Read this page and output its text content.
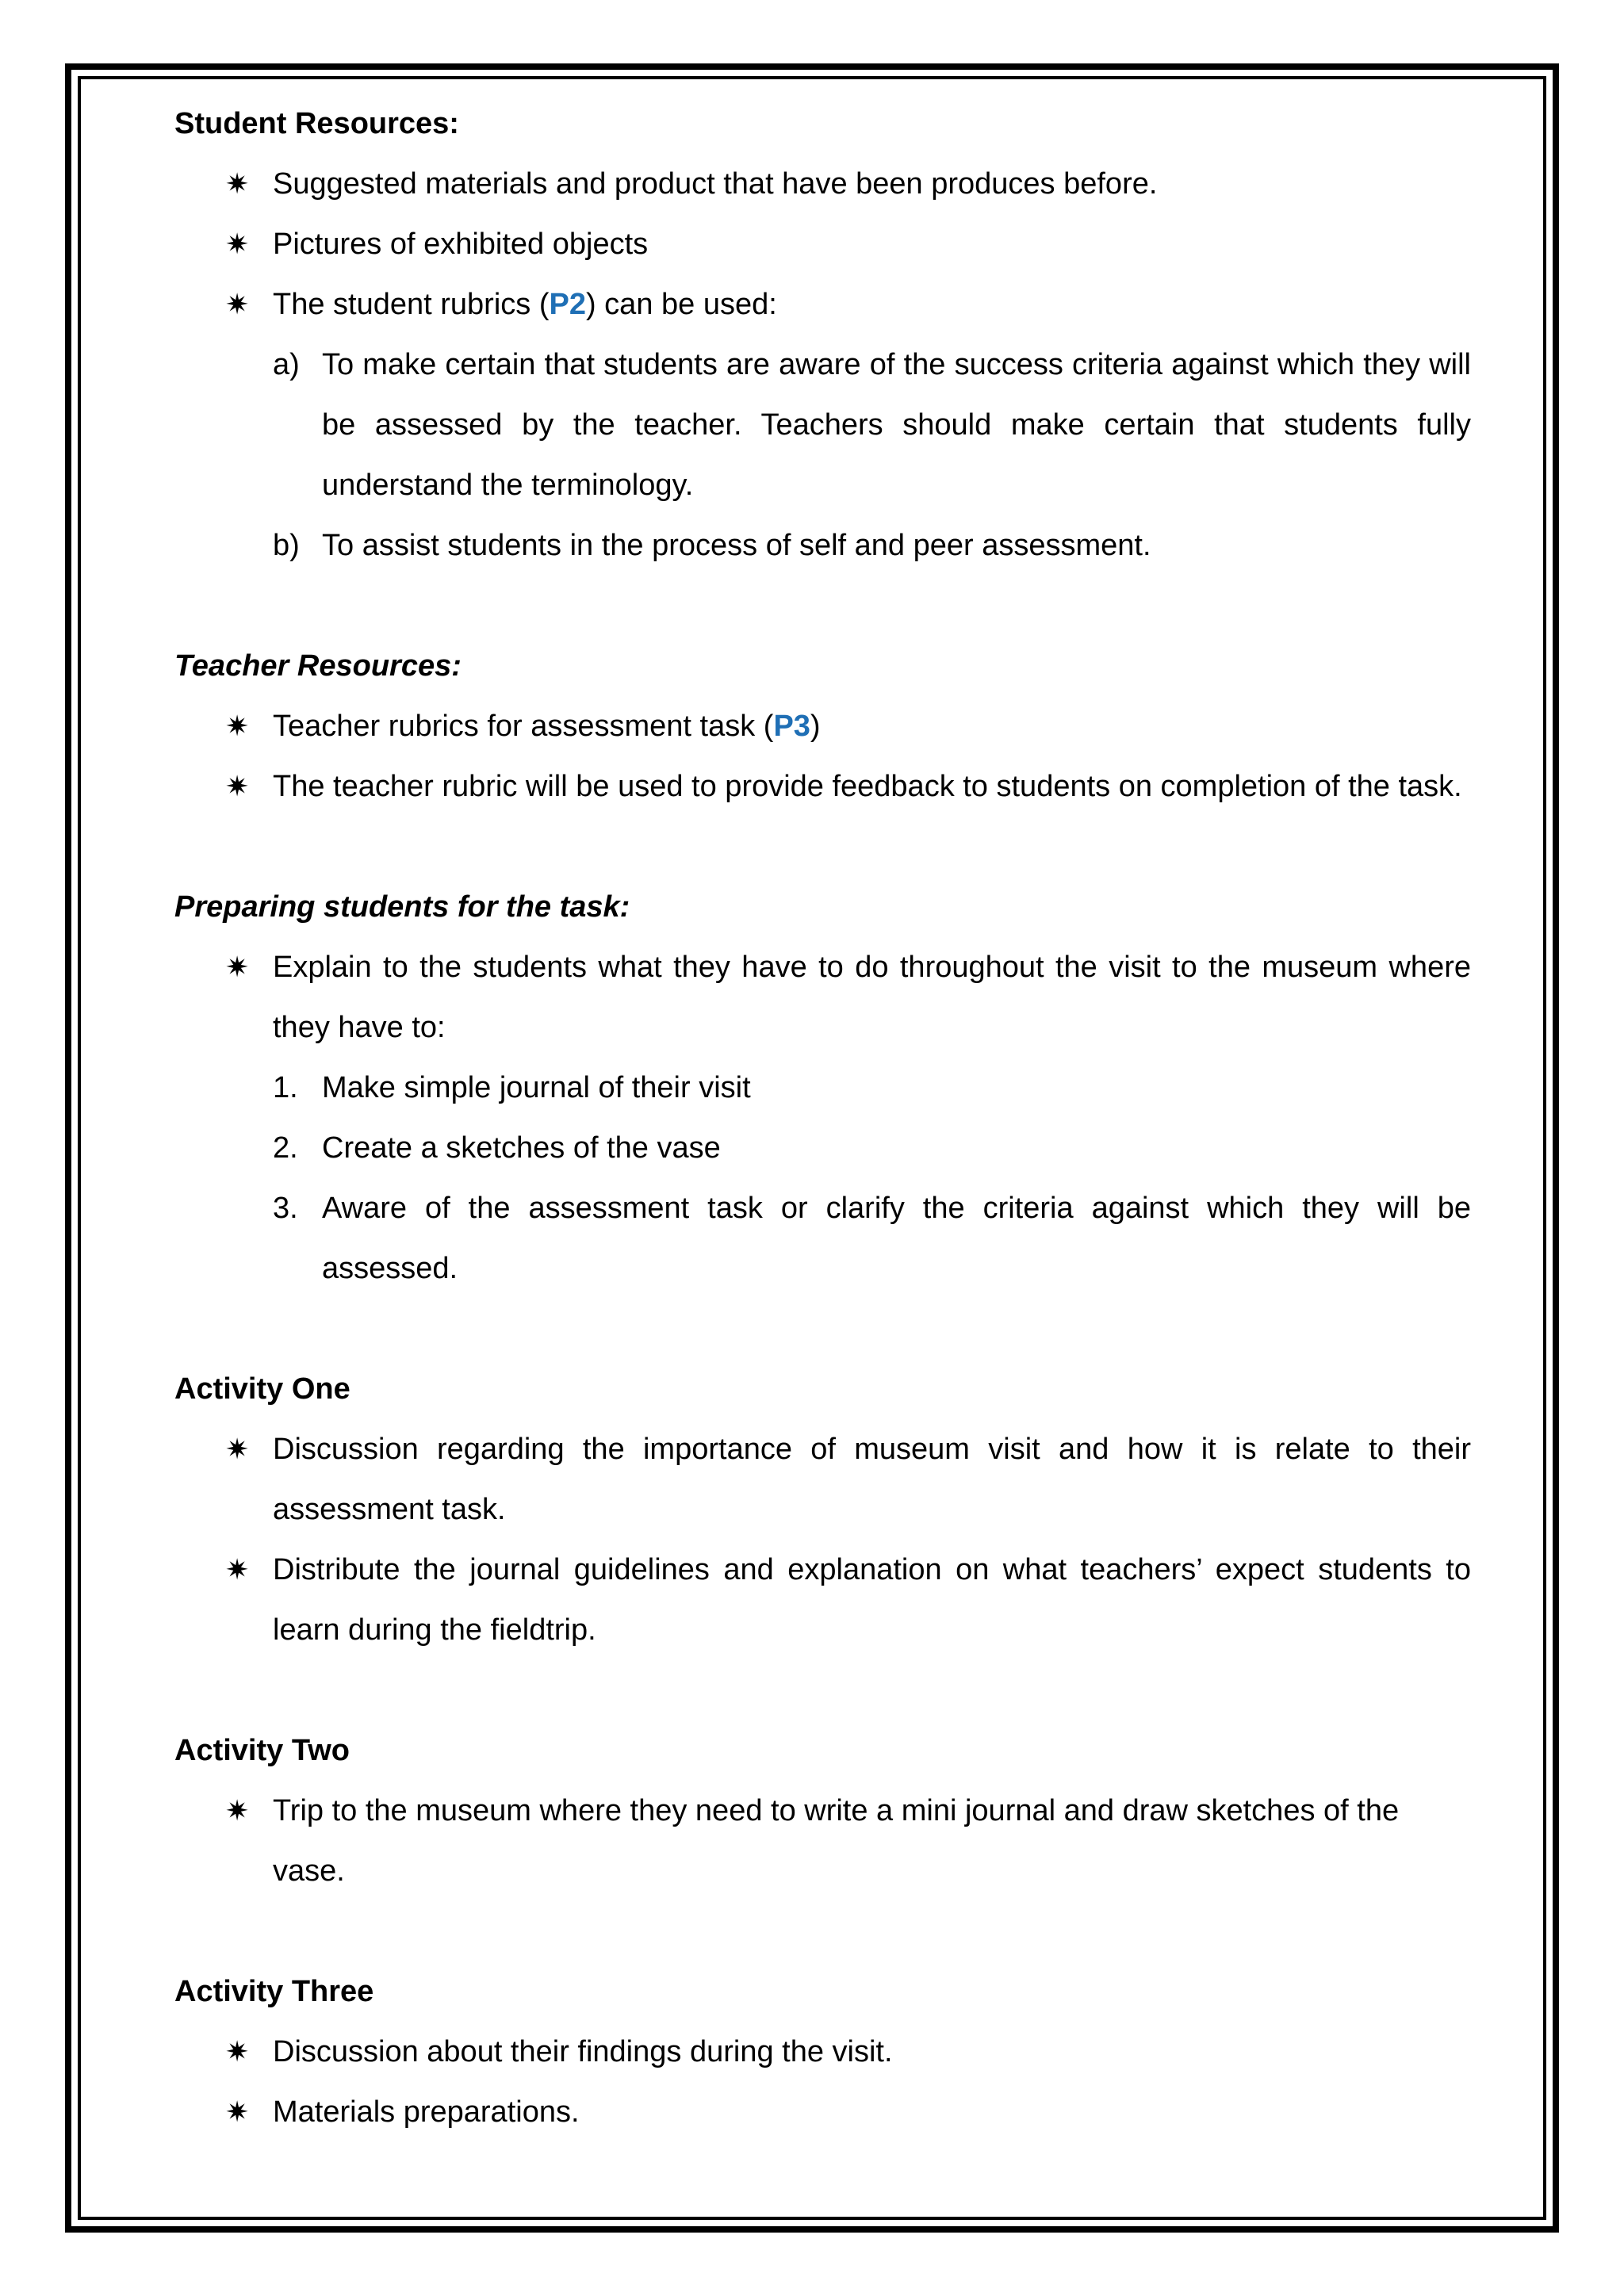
Student Resources:
✷ Suggested materials and product that have been produces before.
✷ Pictures of exhibited objects
✷ The student rubrics (P2) can be used:
a) To make certain that students are aware of the success criteria against which they will be assessed by the teacher. Teachers should make certain that students fully understand the terminology.
b) To assist students in the process of self and peer assessment.
Teacher Resources:
✷ Teacher rubrics for assessment task (P3)
✷ The teacher rubric will be used to provide feedback to students on completion of the task.
Preparing students for the task:
✷ Explain to the students what they have to do throughout the visit to the museum where they have to:
1. Make simple journal of their visit
2. Create a sketches of the vase
3. Aware of the assessment task or clarify the criteria against which they will be assessed.
Activity One
✷ Discussion regarding the importance of museum visit and how it is relate to their assessment task.
✷ Distribute the journal guidelines and explanation on what teachers’ expect students to learn during the fieldtrip.
Activity Two
✷ Trip to the museum where they need to write a mini journal and draw sketches of the vase.
Activity Three
✷ Discussion about their findings during the visit.
✷ Materials preparations.
